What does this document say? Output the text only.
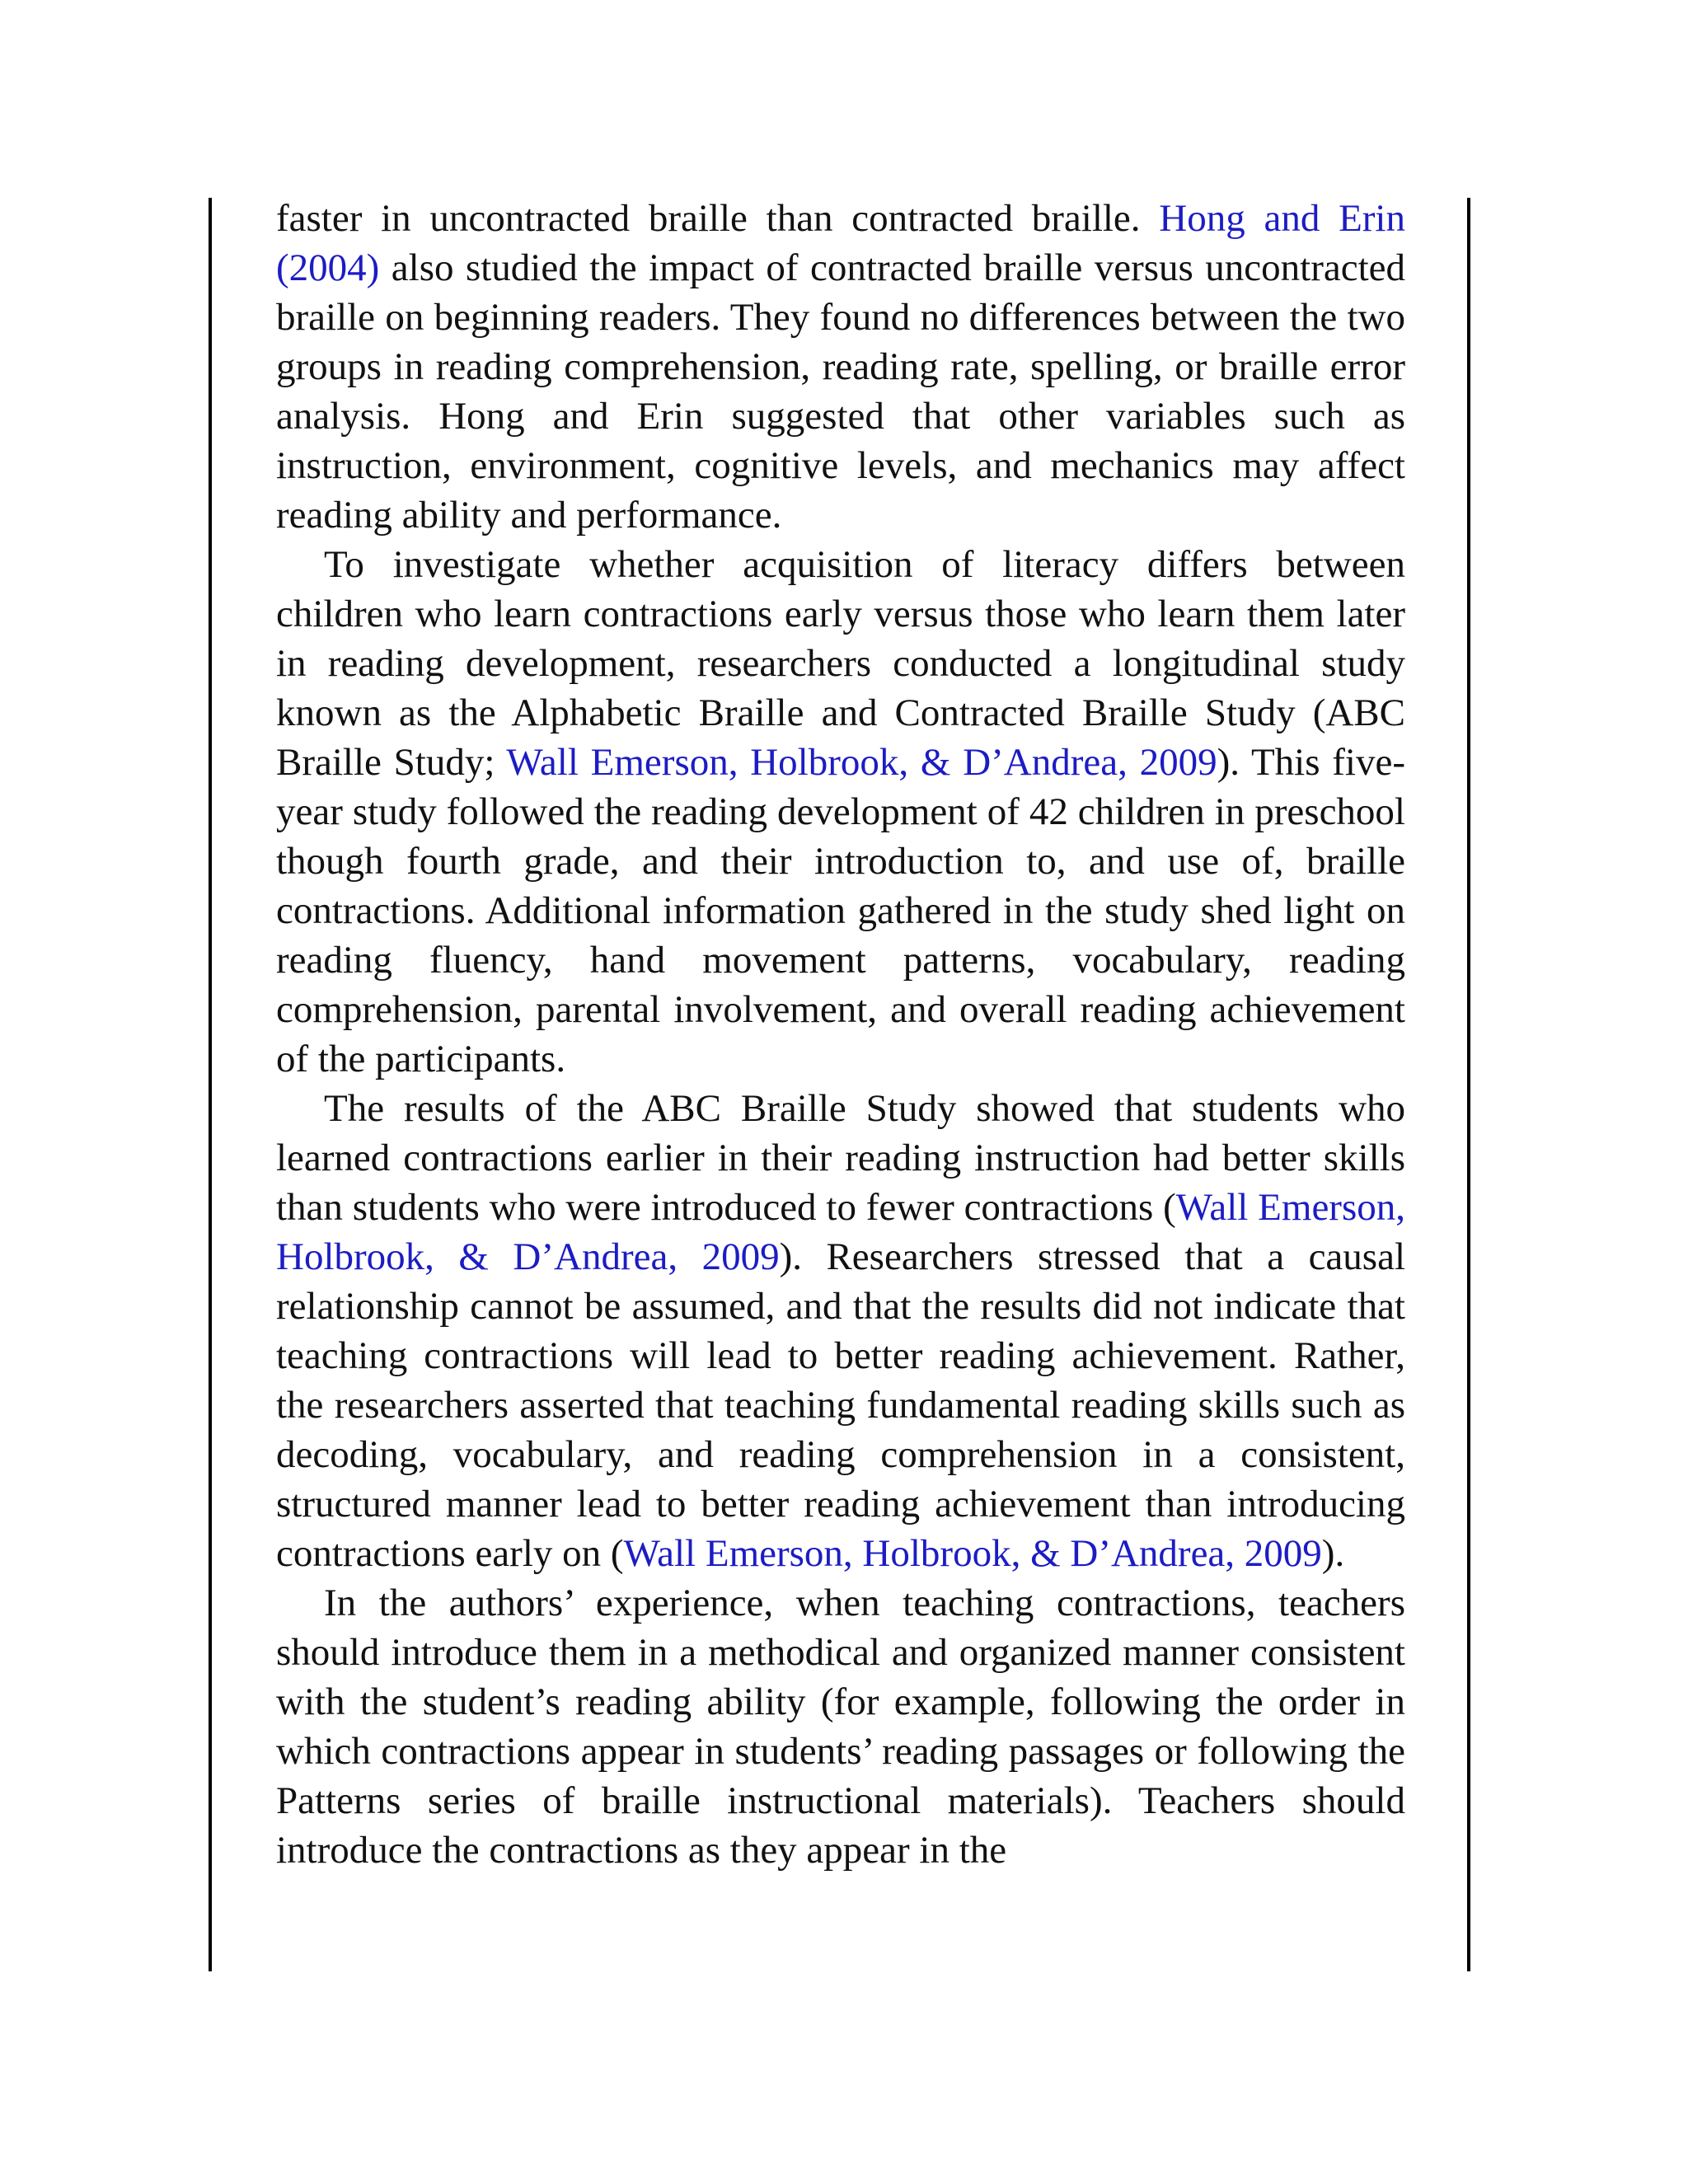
faster in uncontracted braille than contracted braille. Hong and Erin (2004) also studied the impact of contracted braille versus uncontracted braille on beginning readers. They found no differences between the two groups in reading comprehension, reading rate, spelling, or braille error analysis. Hong and Erin suggested that other variables such as instruction, environment, cognitive levels, and mechanics may affect reading ability and performance.

To investigate whether acquisition of literacy differs between children who learn contractions early versus those who learn them later in reading development, researchers conducted a longitudinal study known as the Alphabetic Braille and Contracted Braille Study (ABC Braille Study; Wall Emerson, Holbrook, & D’Andrea, 2009). This five-year study followed the reading development of 42 children in preschool though fourth grade, and their introduction to, and use of, braille contractions. Additional information gathered in the study shed light on reading fluency, hand movement patterns, vocabulary, reading comprehension, parental involvement, and overall reading achievement of the participants.

The results of the ABC Braille Study showed that students who learned contractions earlier in their reading instruction had better skills than students who were introduced to fewer contractions (Wall Emerson, Holbrook, & D’Andrea, 2009). Researchers stressed that a causal relationship cannot be assumed, and that the results did not indicate that teaching contractions will lead to better reading achievement. Rather, the researchers asserted that teaching fundamental reading skills such as decoding, vocabulary, and reading comprehension in a consistent, structured manner lead to better reading achievement than introducing contractions early on (Wall Emerson, Holbrook, & D’Andrea, 2009).

In the authors’ experience, when teaching contractions, teachers should introduce them in a methodical and organized manner consistent with the student’s reading ability (for example, following the order in which contractions appear in students’ reading passages or following the Patterns series of braille instructional materials). Teachers should introduce the contractions as they appear in the
